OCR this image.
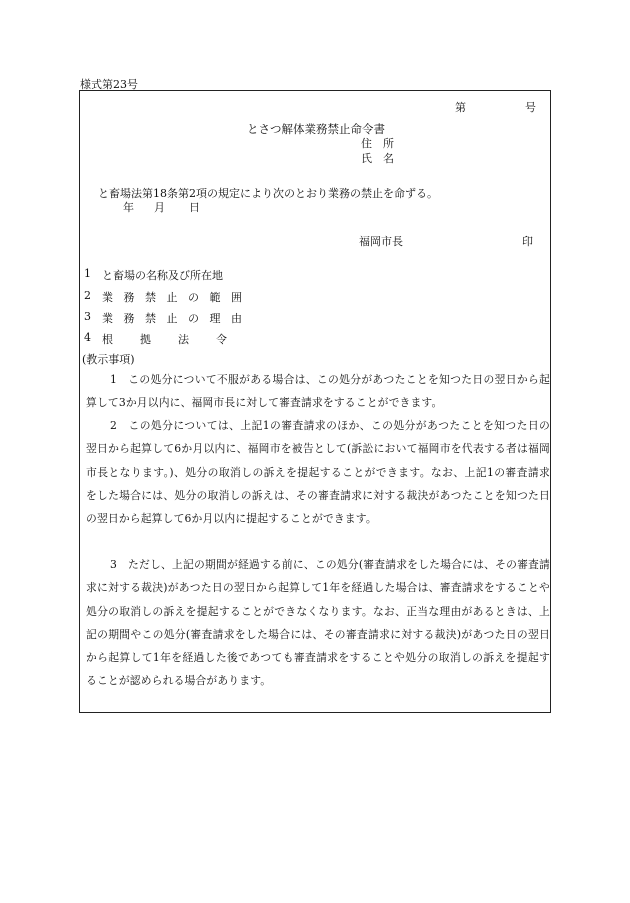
様式第23号
第	号
とさつ解体業務禁止命令書
住　所
氏　名
と畜場法第18条第2項の規定により次のとおり業務の禁止を命ずる。
年 月 日
福岡市長	印
1 と畜場の名称及び所在地
2 業務禁止の範囲
3 業務禁止の理由
4 根拠法令
(教示事項)
1　この処分について不服がある場合は、この処分があつたことを知つた日の翌日から起算して3か月以内に、福岡市長に対して審査請求をすることができます。
2　この処分については、上記1の審査請求のほか、この処分があつたことを知つた日の翌日から起算して6か月以内に、福岡市を被告として(訴訟において福岡市を代表する者は福岡市長となります。)、処分の取消しの訴えを提起することができます。なお、上記1の審査請求をした場合には、処分の取消しの訴えは、その審査請求に対する裁決があつたことを知つた日の翌日から起算して6か月以内に提起することができます。
3　ただし、上記の期間が経過する前に、この処分(審査請求をした場合には、その審査請求に対する裁決)があつた日の翌日から起算して1年を経過した場合は、審査請求をすることや処分の取消しの訴えを提起することができなくなります。なお、正当な理由があるときは、上記の期間やこの処分(審査請求をした場合には、その審査請求に対する裁決)があつた日の翌日から起算して1年を経過した後であつても審査請求をすることや処分の取消しの訴えを提起することが認められる場合があります。
